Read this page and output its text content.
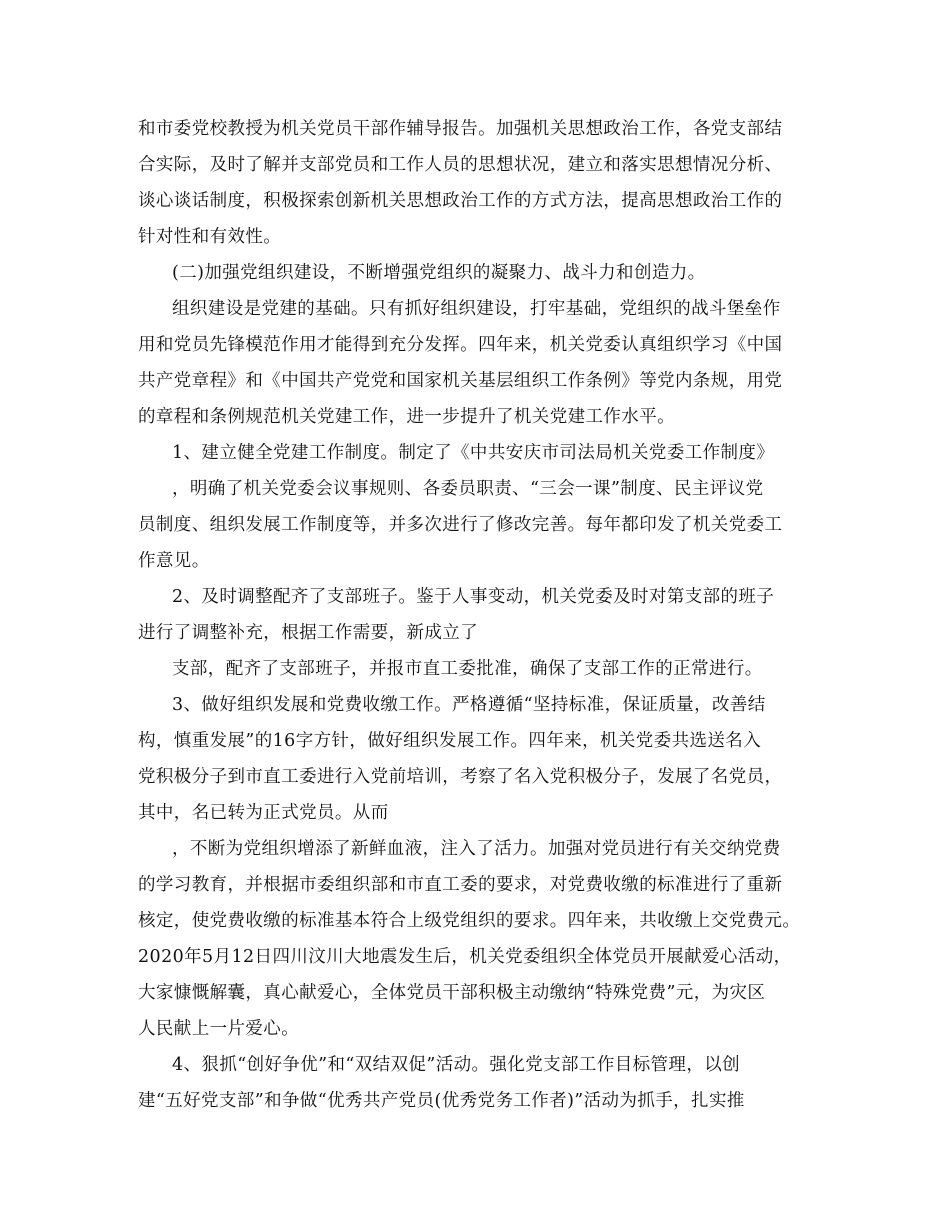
和市委党校教授为机关党员干部作辅导报告。加强机关思想政治工作，各党支部结
合实际，及时了解并支部党员和工作人员的思想状况，建立和落实思想情况分析、
谈心谈话制度，积极探索创新机关思想政治工作的方式方法，提高思想政治工作的
针对性和有效性。
(二)加强党组织建设，不断增强党组织的凝聚力、战斗力和创造力。
组织建设是党建的基础。只有抓好组织建设，打牢基础，党组织的战斗堡垒作
用和党员先锋模范作用才能得到充分发挥。四年来，机关党委认真组织学习《中国
共产党章程》和《中国共产党党和国家机关基层组织工作条例》等党内条规，用党
的章程和条例规范机关党建工作，进一步提升了机关党建工作水平。
1、建立健全党建工作制度。制定了《中共安庆市司法局机关党委工作制度》
，明确了机关党委会议事规则、各委员职责、“三会一课”制度、民主评议党
员制度、组织发展工作制度等，并多次进行了修改完善。每年都印发了机关党委工
作意见。
2、及时调整配齐了支部班子。鉴于人事变动，机关党委及时对第支部的班子
进行了调整补充，根据工作需要，新成立了
支部，配齐了支部班子，并报市直工委批准，确保了支部工作的正常进行。
3、做好组织发展和党费收缴工作。严格遵循“坚持标准，保证质量，改善结
构，慎重发展”的16字方针，做好组织发展工作。四年来，机关党委共选送名入
党积极分子到市直工委进行入党前培训，考察了名入党积极分子，发展了名党员，
其中，名已转为正式党员。从而
，不断为党组织增添了新鲜血液，注入了活力。加强对党员进行有关交纳党费
的学习教育，并根据市委组织部和市直工委的要求，对党费收缴的标准进行了重新
核定，使党费收缴的标准基本符合上级党组织的要求。四年来，共收缴上交党费元。
2020年5月12日四川汶川大地震发生后，机关党委组织全体党员开展献爱心活动，
大家慷慨解囊，真心献爱心，全体党员干部积极主动缴纳“特殊党费”元，为灾区
人民献上一片爱心。
4、狠抓“创好争优”和“双结双促”活动。强化党支部工作目标管理，以创
建“五好党支部”和争做“优秀共产党员(优秀党务工作者)”活动为抓手，扎实推
